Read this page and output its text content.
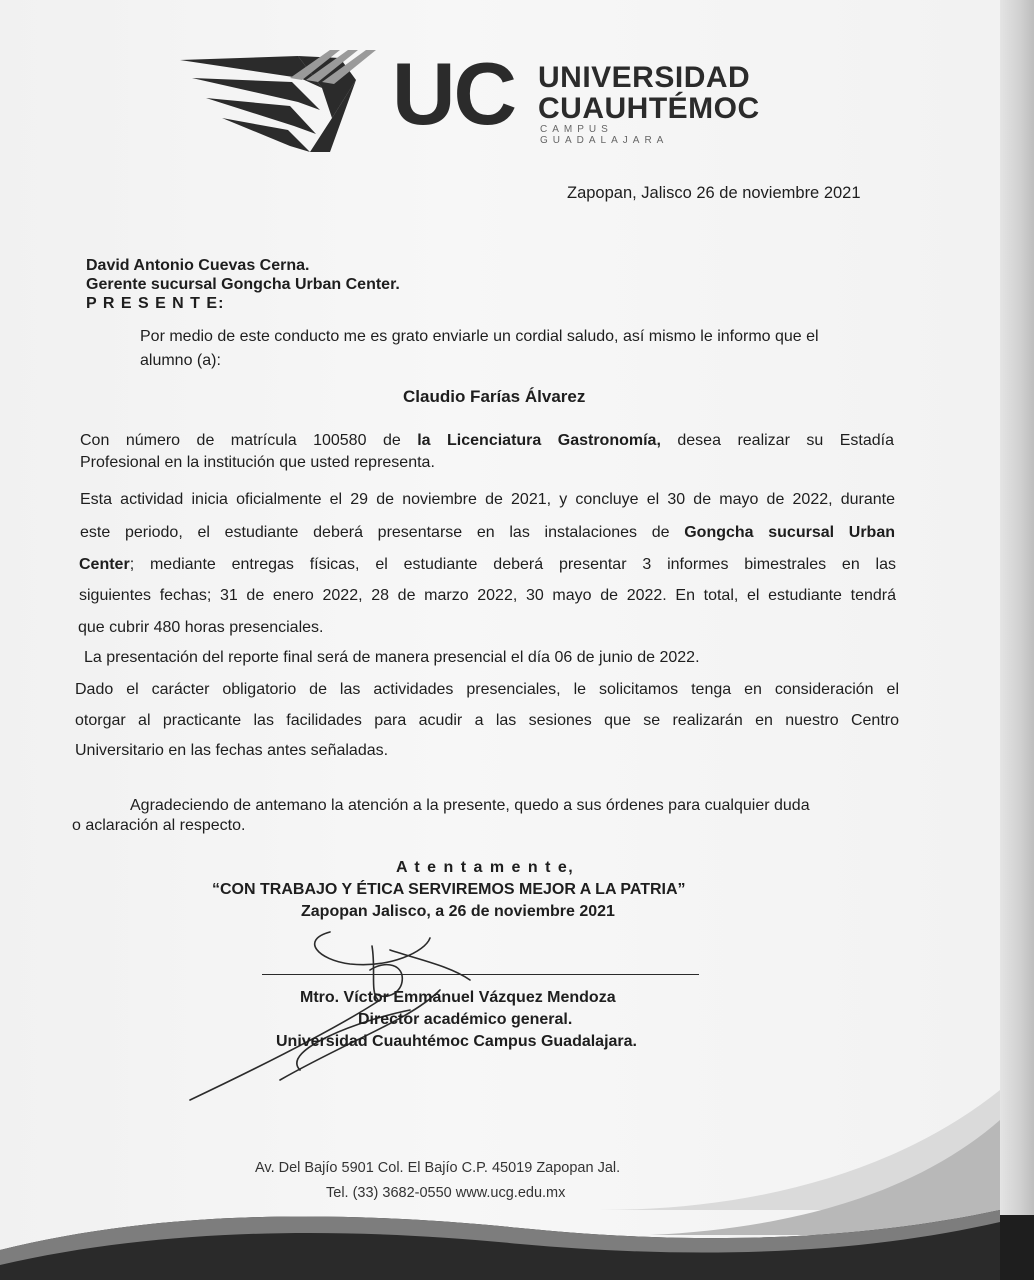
UC UNIVERSIDAD
CUAUHTÉMOC
CAMPUS GUADALAJARA
Zapopan, Jalisco 26 de noviembre 2021
David Antonio Cuevas Cerna.
Gerente sucursal Gongcha Urban Center.
P R E S E N T E:
Por medio de este conducto me es grato enviarle un cordial saludo, así mismo le informo que el
alumno (a):
Claudio Farías Álvarez
Con número de matrícula 100580 de la Licenciatura Gastronomía, desea realizar su Estadía
Profesional en la institución que usted representa.
Esta actividad inicia oficialmente el 29 de noviembre de 2021, y concluye el 30 de mayo de 2022, durante
este periodo, el estudiante deberá presentarse en las instalaciones de Gongcha sucursal Urban
Center; mediante entregas físicas, el estudiante deberá presentar 3 informes bimestrales en las
siguientes fechas; 31 de enero 2022, 28 de marzo 2022, 30 mayo de 2022. En total, el estudiante tendrá
que cubrir 480 horas presenciales.
La presentación del reporte final será de manera presencial el día 06 de junio de 2022.
Dado el carácter obligatorio de las actividades presenciales, le solicitamos tenga en consideración el
otorgar al practicante las facilidades para acudir a las sesiones que se realizarán en nuestro Centro
Universitario en las fechas antes señaladas.
Agradeciendo de antemano la atención a la presente, quedo a sus órdenes para cualquier duda
o aclaración al respecto.
A t e n t a m e n t e,
“CON TRABAJO Y ÉTICA SERVIREMOS MEJOR A LA PATRIA”
Zapopan Jalisco, a 26 de noviembre 2021
Mtro. Víctor Emmanuel Vázquez Mendoza
Director académico general.
Universidad Cuauhtémoc Campus Guadalajara.
Av. Del Bajío 5901 Col. El Bajío C.P. 45019 Zapopan Jal.
Tel. (33) 3682-0550 www.ucg.edu.mx
